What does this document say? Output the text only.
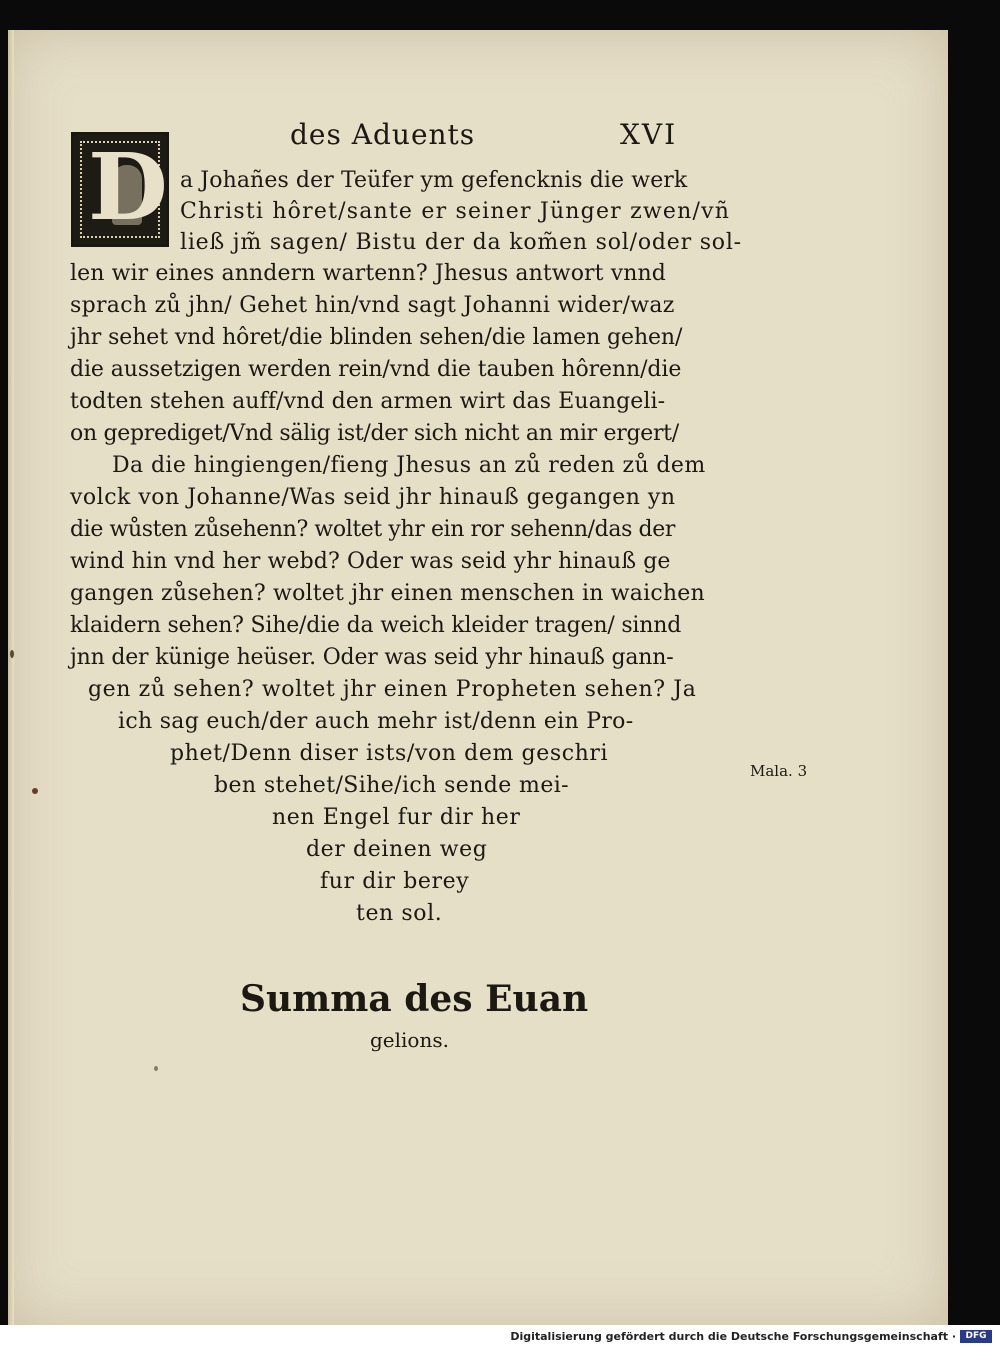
des Aduents	XVI
D a Johañes der Teüfer ym gefencknis die werk

Christi hôret/sante er seiner Jünger zwen/vñ

ließ jm̃ sagen/ Bistu der da kom̃en sol/oder sol-

len wir eines anndern wartenn? Jhesus antwort vnnd

sprach zů jhn/ Gehet hin/vnd sagt Johanni wider/waz

jhr sehet vnd hôret/die blinden sehen/die lamen gehen/

die aussetzigen werden rein/vnd die tauben hôrenn/die

todten stehen auff/vnd den armen wirt das Euangeli-

on geprediget/Vnd sälig ist/der sich nicht an mir ergert/

Da die hingiengen/fieng Jhesus an zů reden zů dem

volck von Johanne/Was seid jhr hinauß gegangen yn

die wůsten zůsehenn? woltet yhr ein ror sehenn/das der

wind hin vnd her webd? Oder was seid yhr hinauß ge

gangen zůsehen? woltet jhr einen menschen in waichen

klaidern sehen? Sihe/die da weich kleider tragen/ sinnd

jnn der künige heüser. Oder was seid yhr hinauß gann-

gen zů sehen? woltet jhr einen Propheten sehen? Ja

ich sag euch/der auch mehr ist/denn ein Pro-

phet/Denn diser ists/von dem geschri

ben stehet/Sihe/ich sende mei-

nen Engel fur dir her

der deinen weg

fur dir berey

ten sol.

Mala. 3
Summa des Euan
gelions.
Digitalisierung gefördert durch die Deutsche Forschungsgemeinschaft ·	DFG
